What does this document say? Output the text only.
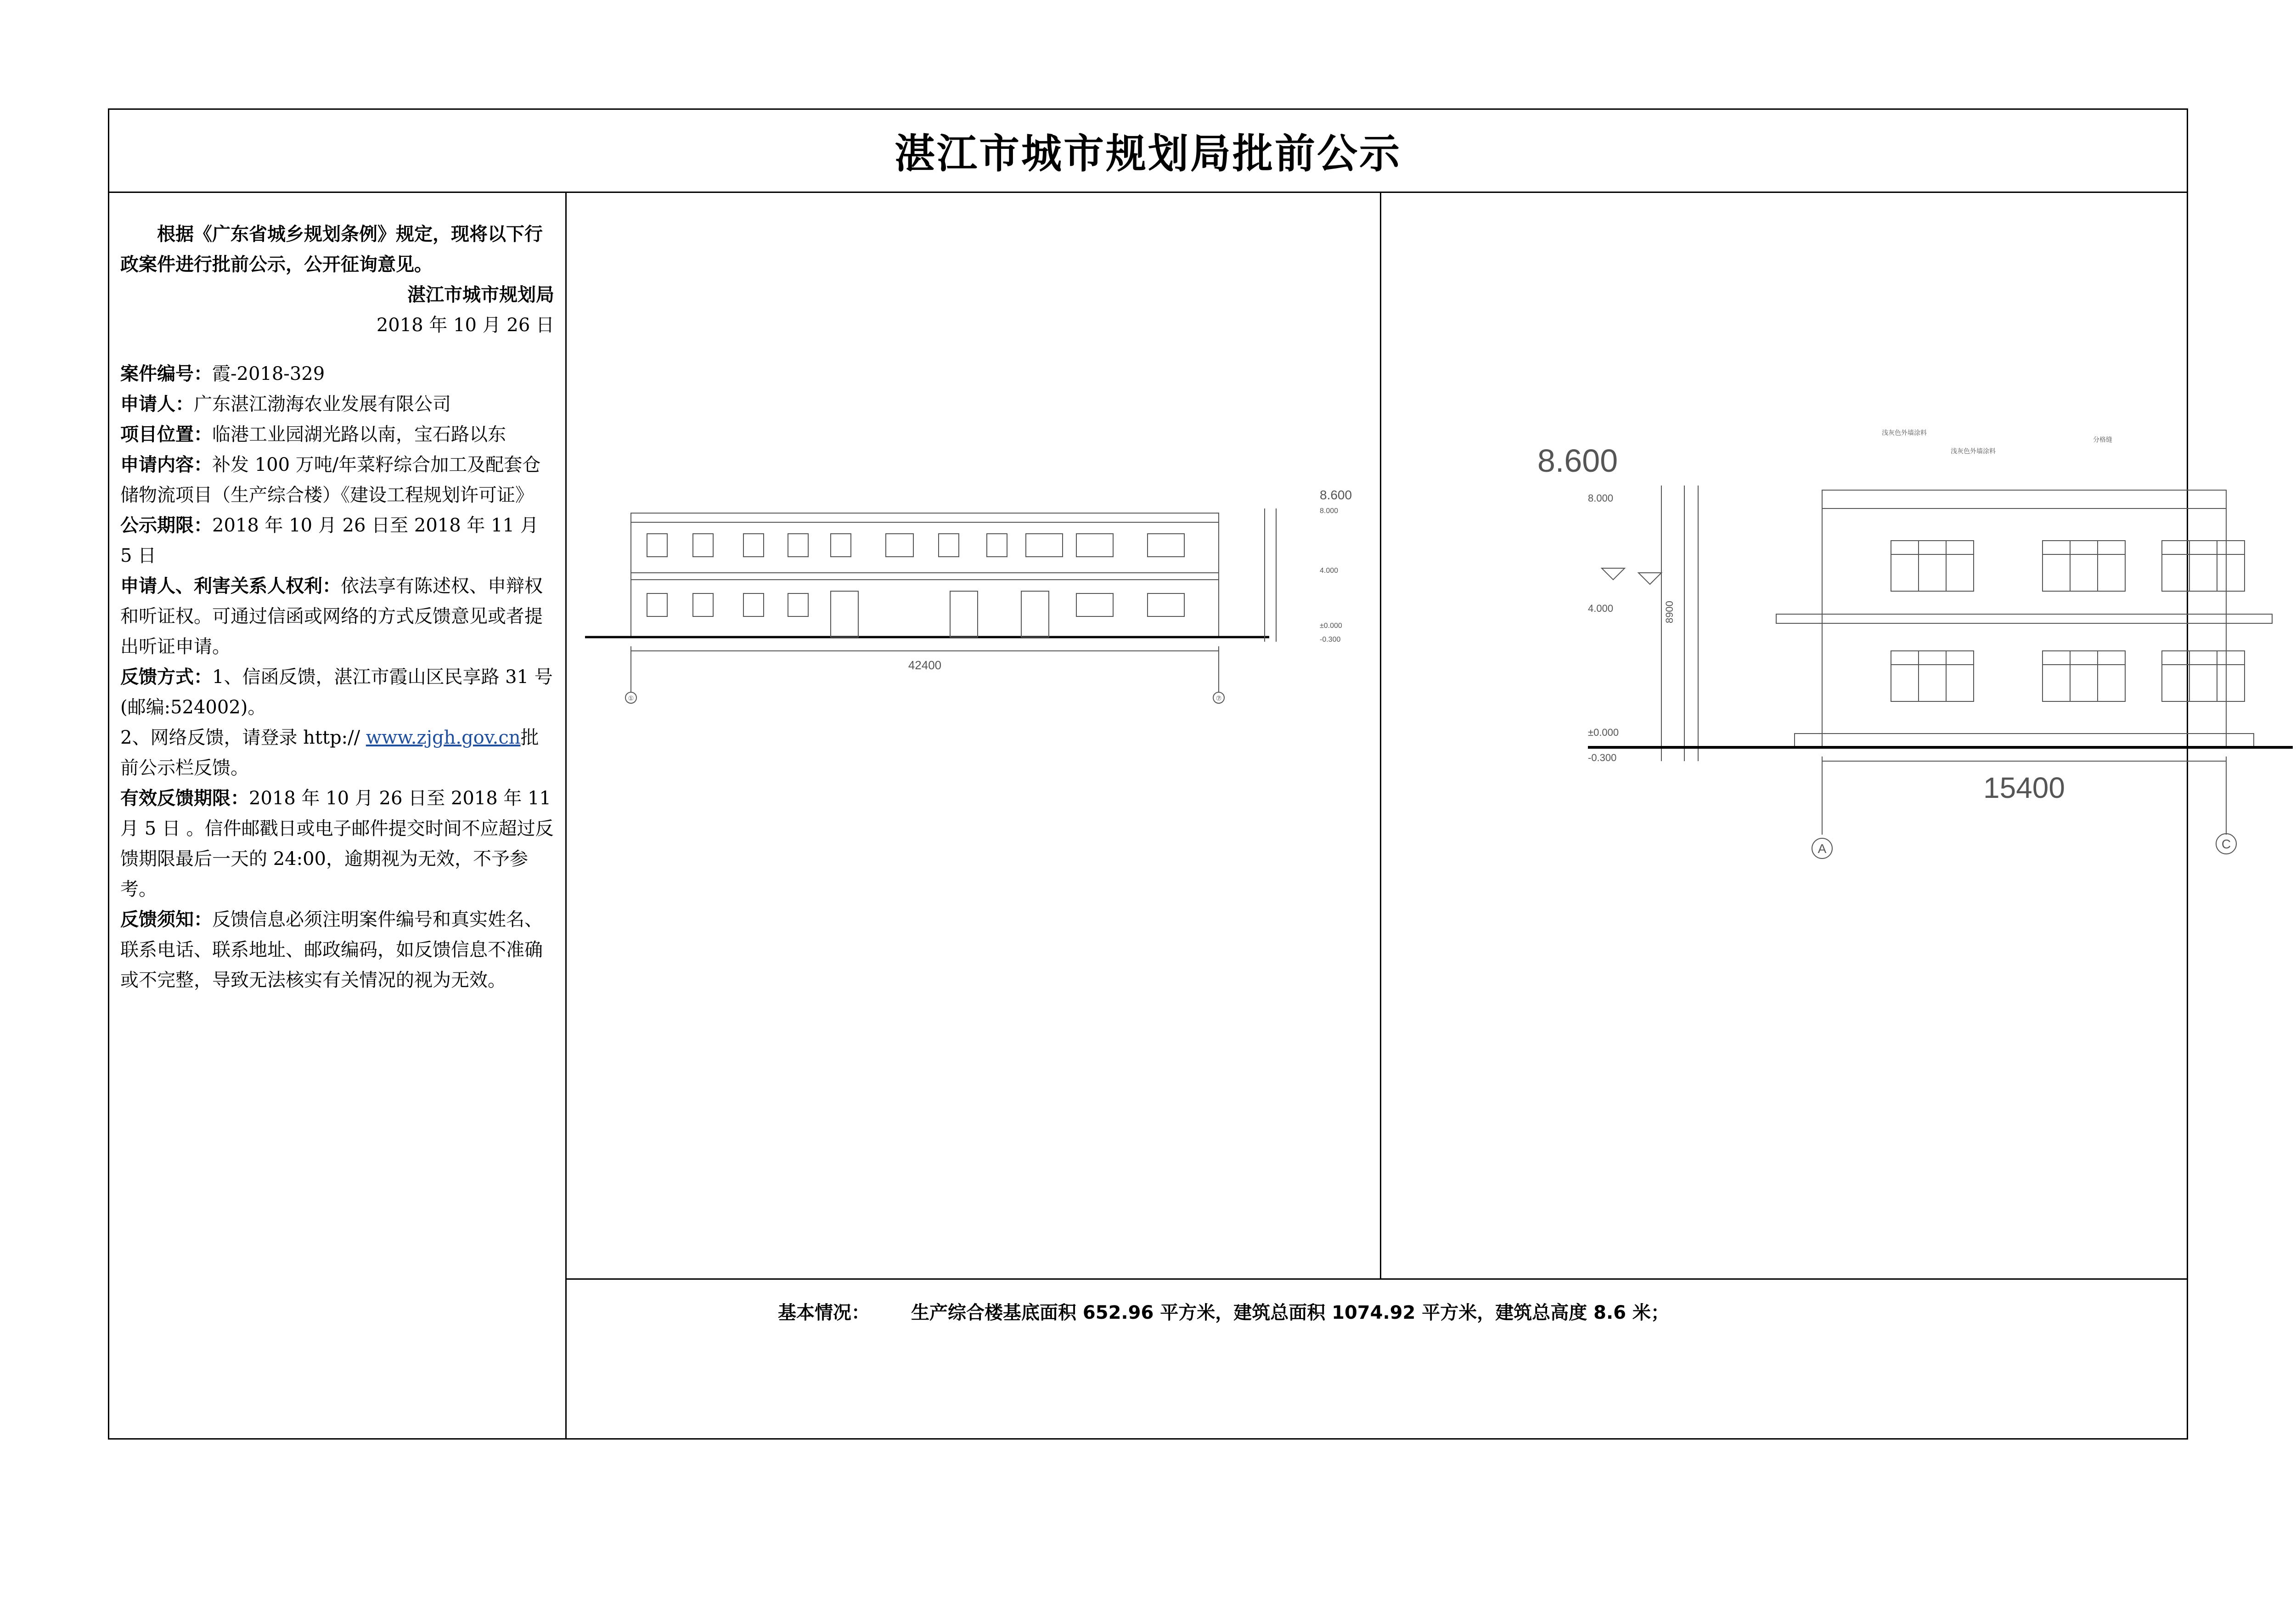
湛江市城市规划局批前公示

根据《广东省城乡规划条例》规定，现将以下行政案件进行批前公示，公开征询意见。

湛江市城市规划局

2018 年 10 月 26 日

案件编号：霞-2018-329

申请人：广东湛江渤海农业发展有限公司

项目位置：临港工业园湖光路以南，宝石路以东

申请内容：补发 100 万吨/年菜籽综合加工及配套仓储物流项目（生产综合楼）《建设工程规划许可证》

公示期限：2018 年 10 月 26 日至 2018 年 11 月 5 日

申请人、利害关系人权利：依法享有陈述权、申辩权和听证权。可通过信函或网络的方式反馈意见或者提出听证申请。

反馈方式：1、信函反馈，湛江市霞山区民享路 31 号(邮编:524002)。

2、网络反馈，请登录 http:// www.zjgh.gov.cn批前公示栏反馈。

有效反馈期限：2018 年 10 月 26 日至 2018 年 11 月 5 日 。信件邮戳日或电子邮件提交时间不应超过反馈期限最后一天的 24:00，逾期视为无效，不予参考。

反馈须知：反馈信息必须注明案件编号和真实姓名、联系电话、联系地址、邮政编码，如反馈信息不准确或不完整，导致无法核实有关情况的视为无效。

42400
8.600
8.000
4.000
±0.000
-0.300
①	⑦
8.600
8.000
4.000
±0.000
-0.300
8900
15400
A	C
浅灰色外墙涂料
浅灰色外墙涂料
分格缝
基本情况： 生产综合楼基底面积 652.96 平方米，建筑总面积 1074.92 平方米，建筑总高度 8.6 米；
